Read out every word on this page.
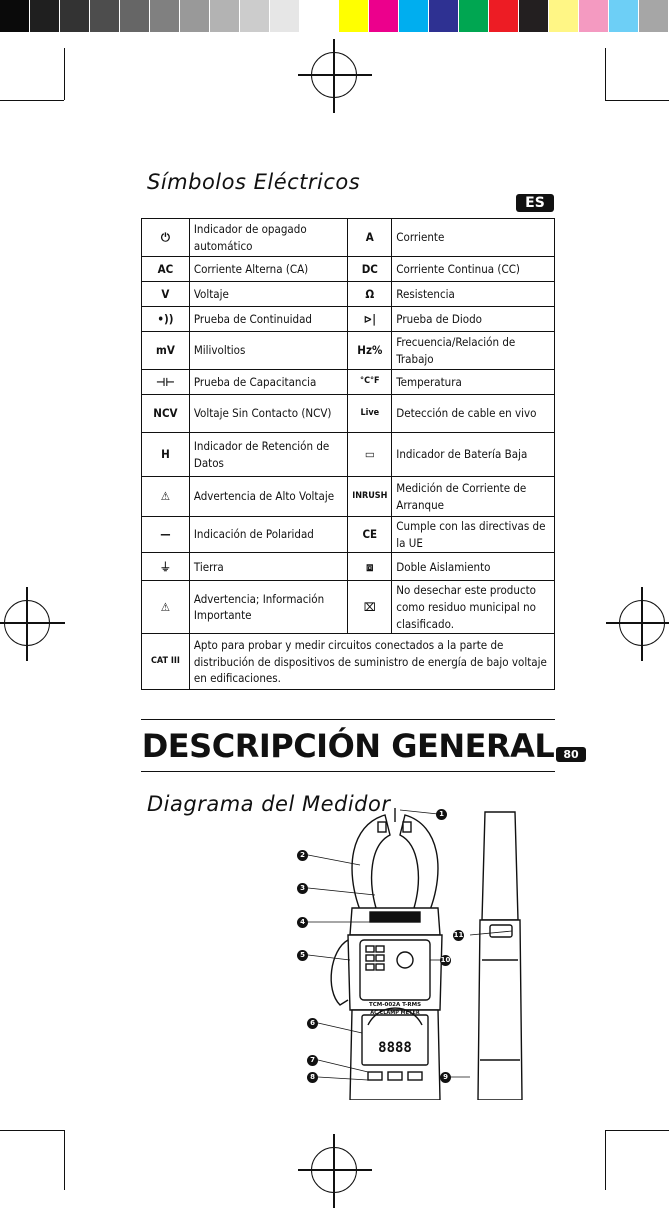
Símbolos Eléctricos
ES
⏻	Indicador de opagado automático	A	Corriente
AC	Corriente Alterna (CA)	DC	Corriente Continua (CC)
V	Voltaje	Ω	Resistencia
•))	Prueba de Continuidad	⊳|	Prueba de Diodo
mV	Milivoltios	Hz%	Frecuencia/Relación de Trabajo
⊣⊢	Prueba de Capacitancia	°C°F	Temperatura
NCV	Voltaje Sin Contacto (NCV)	Live	Detección de cable en vivo
H	Indicador de Retención de Datos	▭	Indicador de Batería Baja
⚠	Advertencia de Alto Voltaje	INRUSH	Medición de Corriente de Arranque
—	Indicación de Polaridad	CE	Cumple con las directivas de la UE
⏚	Tierra	⧈	Doble Aislamiento
⚠	Advertencia; Información Importante	⌧	No desechar este producto como residuo municipal no clasificado.
CAT III	Apto para probar y medir circuitos conectados a la parte de distribución de dispositivos de suministro de energía de bajo voltaje en edificaciones.		
DESCRIPCIÓN GENERAL 80
Diagrama del Medidor
TERMEN
TCM-002A T-RMS
AC CLAMP METER
8888
1
2
3
4
5
6
7
8	9
10
11
